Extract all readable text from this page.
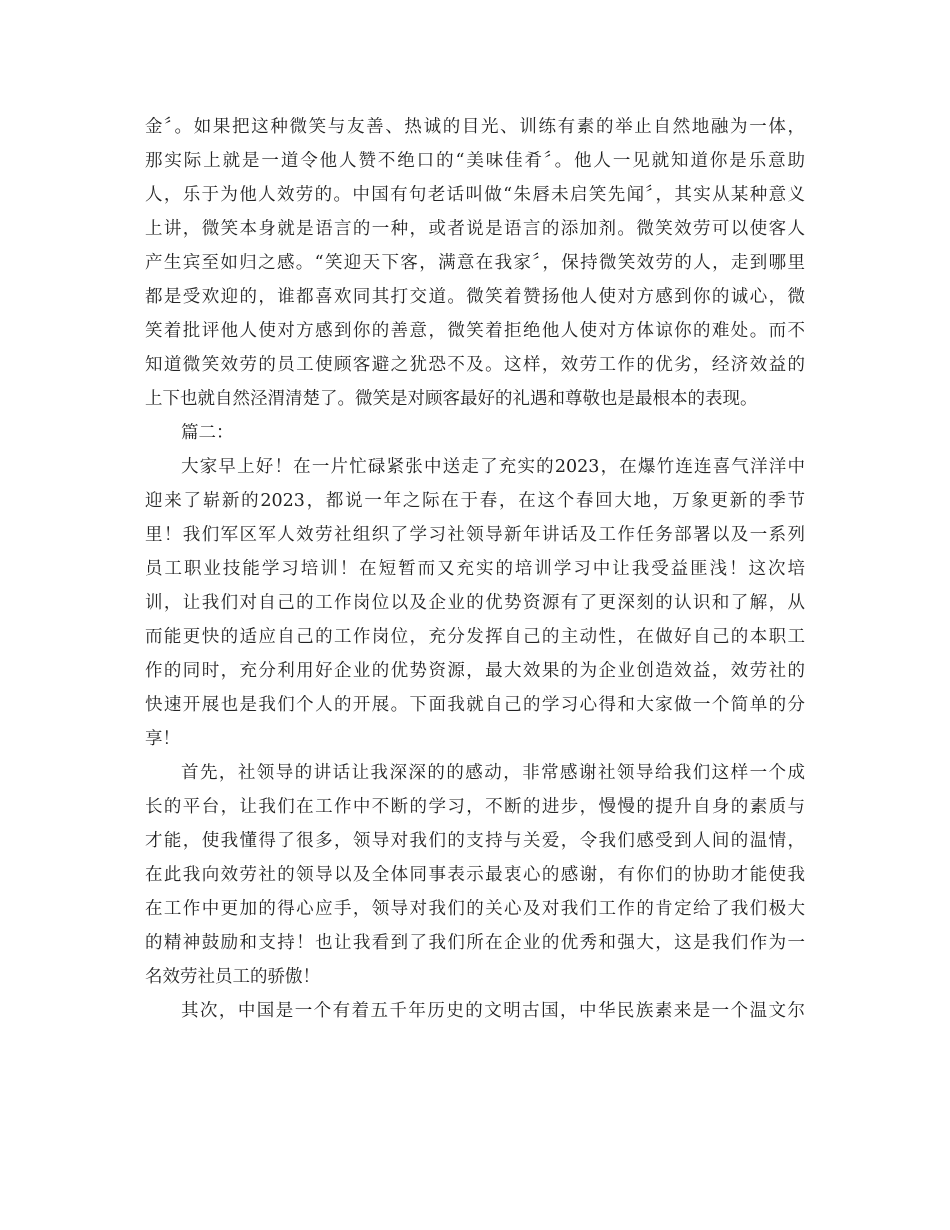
金〞。如果把这种微笑与友善、热诚的目光、训练有素的举止自然地融为一体，
那实际上就是一道令他人赞不绝口的“美味佳肴〞。他人一见就知道你是乐意助
人，乐于为他人效劳的。中国有句老话叫做“朱唇未启笑先闻〞，其实从某种意义
上讲，微笑本身就是语言的一种，或者说是语言的添加剂。微笑效劳可以使客人
产生宾至如归之感。“笑迎天下客，满意在我家〞，保持微笑效劳的人，走到哪里
都是受欢迎的，谁都喜欢同其打交道。微笑着赞扬他人使对方感到你的诚心，微
笑着批评他人使对方感到你的善意，微笑着拒绝他人使对方体谅你的难处。而不
知道微笑效劳的员工使顾客避之犹恐不及。这样，效劳工作的优劣，经济效益的
上下也就自然泾渭清楚了。微笑是对顾客最好的礼遇和尊敬也是最根本的表现。
篇二：
大家早上好！在一片忙碌紧张中送走了充实的2023，在爆竹连连喜气洋洋中
迎来了崭新的2023，都说一年之际在于春，在这个春回大地，万象更新的季节
里！我们军区军人效劳社组织了学习社领导新年讲话及工作任务部署以及一系列
员工职业技能学习培训！在短暂而又充实的培训学习中让我受益匪浅！这次培
训，让我们对自己的工作岗位以及企业的优势资源有了更深刻的认识和了解，从
而能更快的适应自己的工作岗位，充分发挥自己的主动性，在做好自己的本职工
作的同时，充分利用好企业的优势资源，最大效果的为企业创造效益，效劳社的
快速开展也是我们个人的开展。下面我就自己的学习心得和大家做一个简单的分
享！
首先，社领导的讲话让我深深的的感动，非常感谢社领导给我们这样一个成
长的平台，让我们在工作中不断的学习，不断的进步，慢慢的提升自身的素质与
才能，使我懂得了很多，领导对我们的支持与关爱，令我们感受到人间的温情，
在此我向效劳社的领导以及全体同事表示最衷心的感谢，有你们的协助才能使我
在工作中更加的得心应手，领导对我们的关心及对我们工作的肯定给了我们极大
的精神鼓励和支持！也让我看到了我们所在企业的优秀和强大，这是我们作为一
名效劳社员工的骄傲！
其次，中国是一个有着五千年历史的文明古国，中华民族素来是一个温文尔
